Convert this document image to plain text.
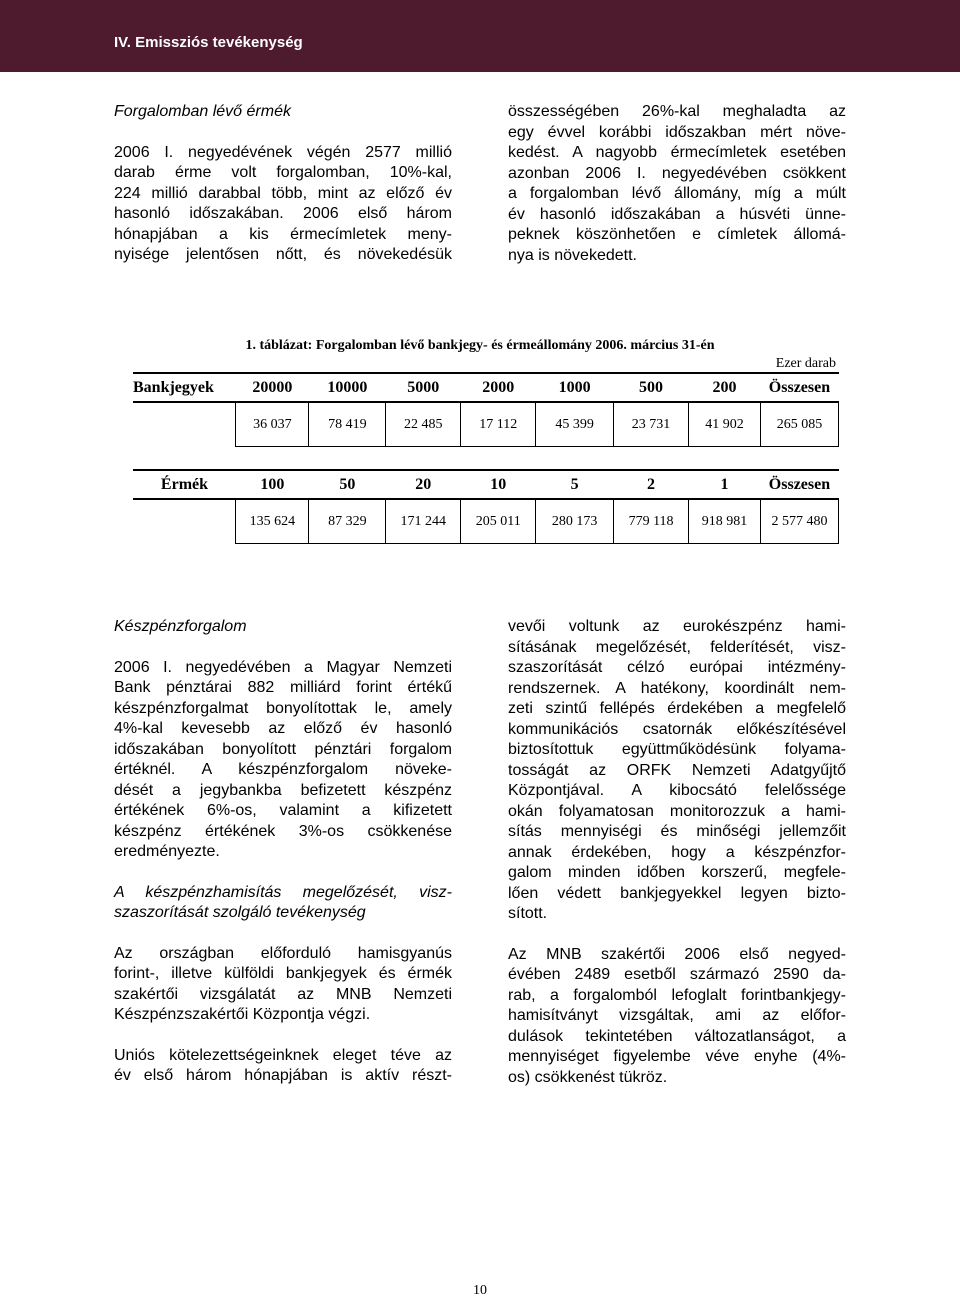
IV. Emissziós tevékenység
Forgalomban lévő érmék
2006 I. negyedévének végén 2577 millió
darab érme volt forgalomban, 10%-kal,
224 millió darabbal több, mint az előző év
hasonló időszakában. 2006 első három
hónapjában a kis érmecímletek meny-
nyisége jelentősen nőtt, és növekedésük
összességében 26%-kal meghaladta az
egy évvel korábbi időszakban mért növe-
kedést. A nagyobb érmecímletek esetében
azonban 2006 I. negyedévében csökkent
a forgalomban lévő állomány, míg a múlt
év hasonló időszakában a húsvéti ünne-
peknek köszönhetően e címletek állomá-
nya is növekedett.
1. táblázat: Forgalomban lévő bankjegy- és érmeállomány 2006. március 31-én
Ezer darab
Bankjegyek	20000	10000	5000	2000	1000	500	200	Összesen
	36 037	78 419	22 485	17 112	45 399	23 731	41 902	265 085

Érmék	100	50	20	10	5	2	1	Összesen
	135 624	87 329	171 244	205 011	280 173	779 118	918 981	2 577 480
Készpénzforgalom
2006 I. negyedévében a Magyar Nemzeti
Bank pénztárai 882 milliárd forint értékű
készpénzforgalmat bonyolítottak le, amely
4%-kal kevesebb az előző év hasonló
időszakában bonyolított pénztári forgalom
értéknél. A készpénzforgalom növeke-
dését a jegybankba befizetett készpénz
értékének 6%-os, valamint a kifizetett
készpénz értékének 3%-os csökkenése
eredményezte.
A készpénzhamisítás megelőzését, visz-
szaszorítását szolgáló tevékenység
Az országban előforduló hamisgyanús
forint-, illetve külföldi bankjegyek és érmék
szakértői vizsgálatát az MNB Nemzeti
Készpénzszakértői Központja végzi.
Uniós kötelezettségeinknek eleget téve az
év első három hónapjában is aktív részt-
vevői voltunk az eurokészpénz hami-
sításának megelőzését, felderítését, visz-
szaszorítását célzó európai intézmény-
rendszernek. A hatékony, koordinált nem-
zeti szintű fellépés érdekében a megfelelő
kommunikációs csatornák előkészítésével
biztosítottuk együttműködésünk folyama-
tosságát az ORFK Nemzeti Adatgyűjtő
Központjával. A kibocsátó felelőssége
okán folyamatosan monitorozzuk a hami-
sítás mennyiségi és minőségi jellemzőit
annak érdekében, hogy a készpénzfor-
galom minden időben korszerű, megfele-
lően védett bankjegyekkel legyen bizto-
sított.
Az MNB szakértői 2006 első negyed-
évében 2489 esetből származó 2590 da-
rab, a forgalomból lefoglalt forintbankjegy-
hamisítványt vizsgáltak, ami az előfor-
dulások tekintetében változatlanságot, a
mennyiséget figyelembe véve enyhe (4%-
os) csökkenést tükröz.
10
